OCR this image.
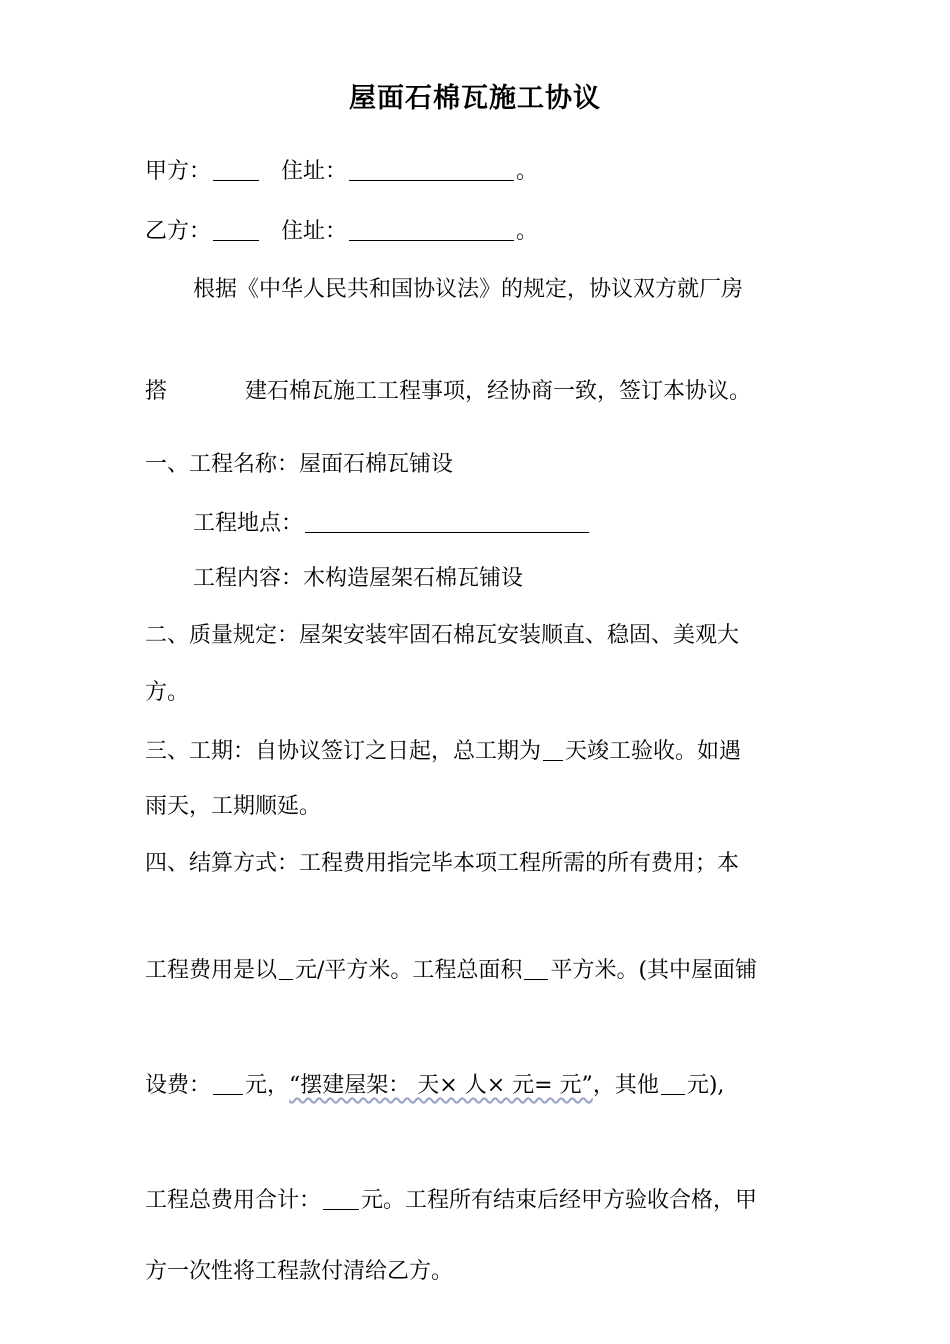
屋面石棉瓦施工协议
甲方：	住址：	。
乙方：	住址：	。
根据《中华人民共和国协议法》的规定，协议双方就厂房
搭	建石棉瓦施工工程事项，经协商一致，签订本协议。
一、工程名称：屋面石棉瓦铺设
工程地点：
工程内容：木构造屋架石棉瓦铺设
二、质量规定：屋架安装牢固石棉瓦安装顺直、稳固、美观大
方。
三、工期：自协议签订之日起，总工期为 天竣工验收。如遇
雨天，工期顺延。
四、结算方式：工程费用指完毕本项工程所需的所有费用；本
工程费用是以 元/平方米。工程总面积 平方米。(其中屋面铺
设费： 元，“摆建屋架： 天× 人× 元= 元”，其他 元),
工程总费用合计： 元。工程所有结束后经甲方验收合格，甲
方一次性将工程款付清给乙方。
